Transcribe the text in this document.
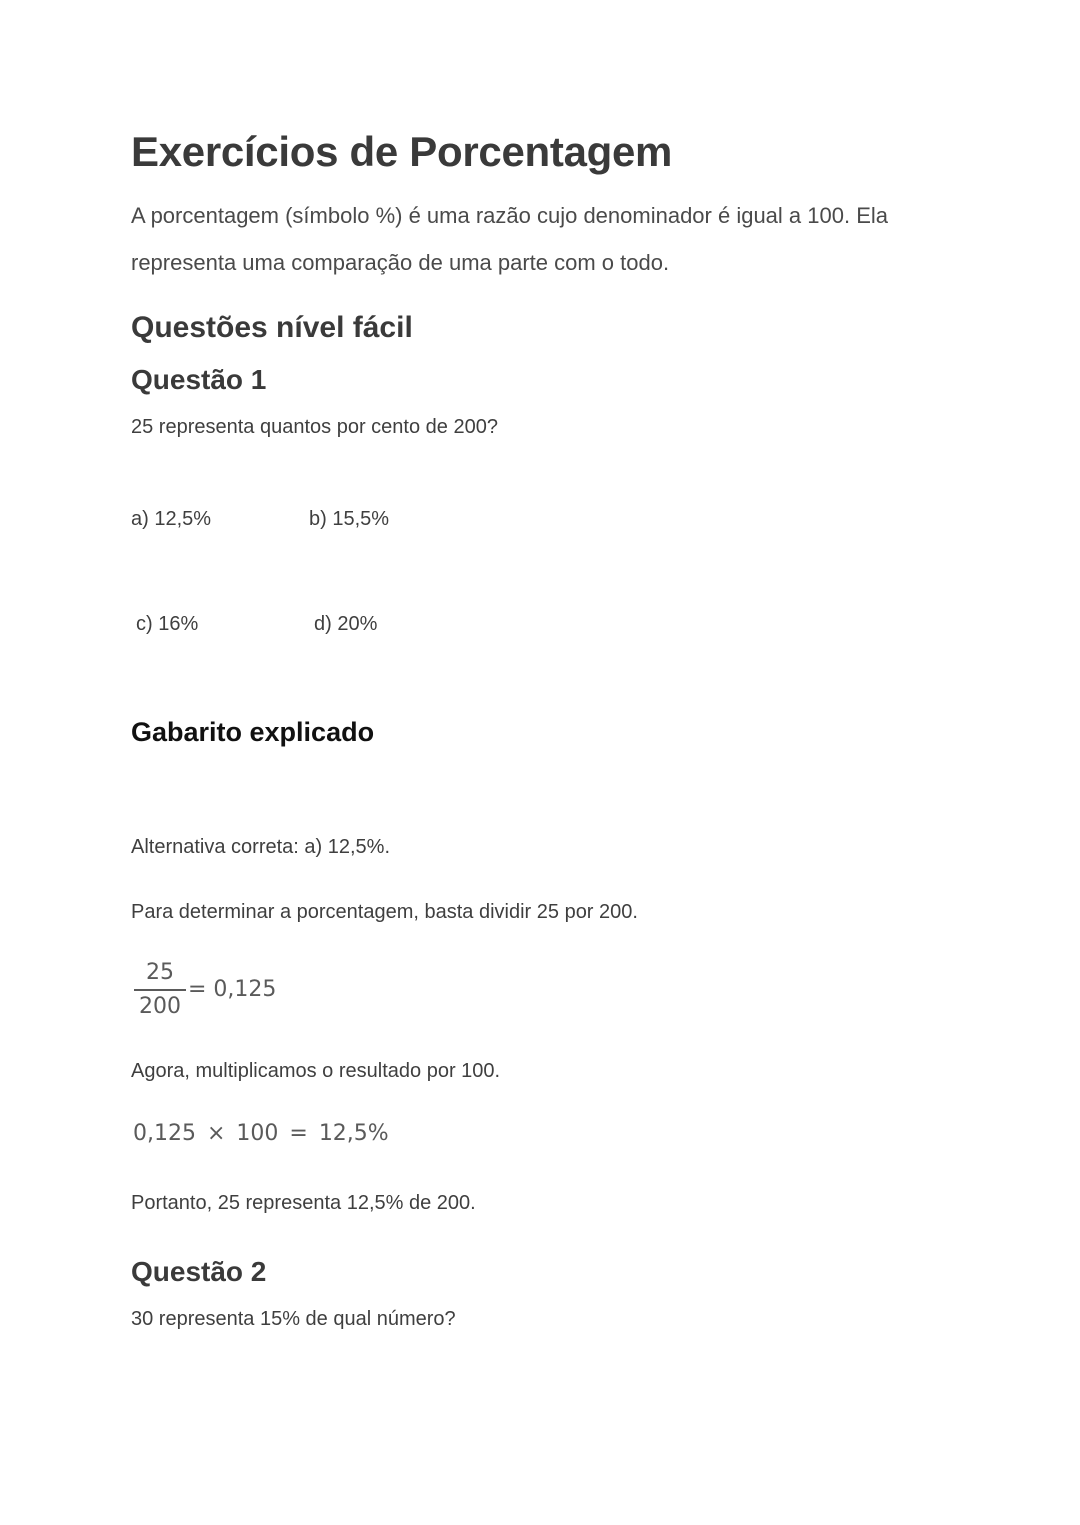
Exercícios de Porcentagem

A porcentagem (símbolo %) é uma razão cujo denominador é igual a 100. Ela representa uma comparação de uma parte com o todo.

Questões nível fácil
Questão 1

25 representa quantos por cento de 200?

a) 12,5%	b) 15,5%
c) 16%	d) 20%
Gabarito explicado

Alternativa correta: a) 12,5%.

Para determinar a porcentagem, basta dividir 25 por 200.

25
200
= 0,125

Agora, multiplicamos o resultado por 100.

0,125 × 100 = 12,5%

Portanto, 25 representa 12,5% de 200.

Questão 2

30 representa 15% de qual número?
